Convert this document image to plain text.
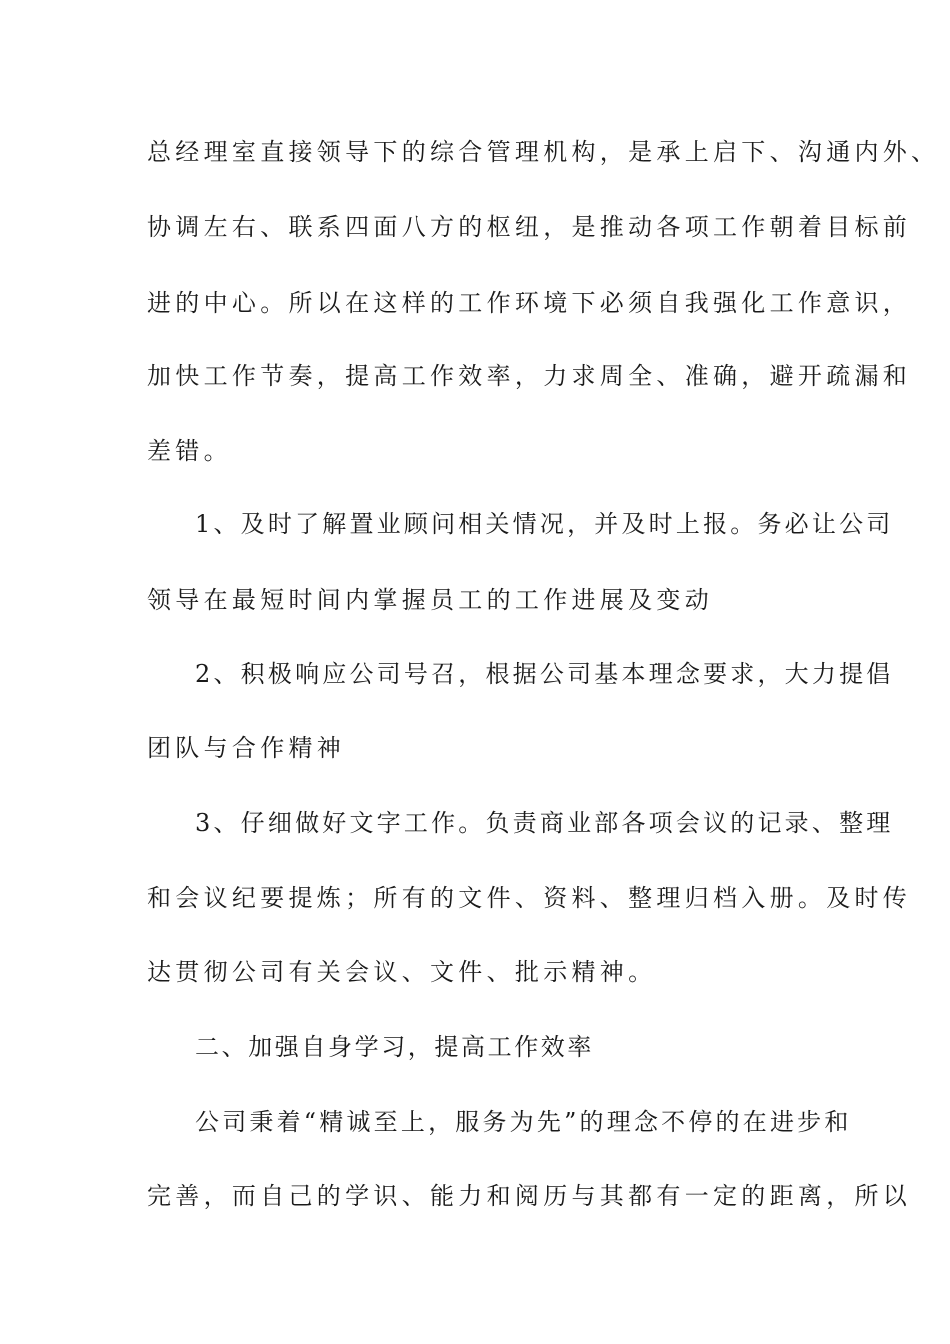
总经理室直接领导下的综合管理机构，是承上启下、沟通内外、
协调左右、联系四面八方的枢纽，是推动各项工作朝着目标前
进的中心。所以在这样的工作环境下必须自我强化工作意识，
加快工作节奏，提高工作效率，力求周全、准确，避开疏漏和
差错。
1、及时了解置业顾问相关情况，并及时上报。务必让公司
领导在最短时间内掌握员工的工作进展及变动
2、积极响应公司号召，根据公司基本理念要求，大力提倡
团队与合作精神
3、仔细做好文字工作。负责商业部各项会议的记录、整理
和会议纪要提炼；所有的文件、资料、整理归档入册。及时传
达贯彻公司有关会议、文件、批示精神。
二、加强自身学习，提高工作效率
公司秉着“精诚至上，服务为先”的理念不停的在进步和
完善，而自己的学识、能力和阅历与其都有一定的距离，所以
